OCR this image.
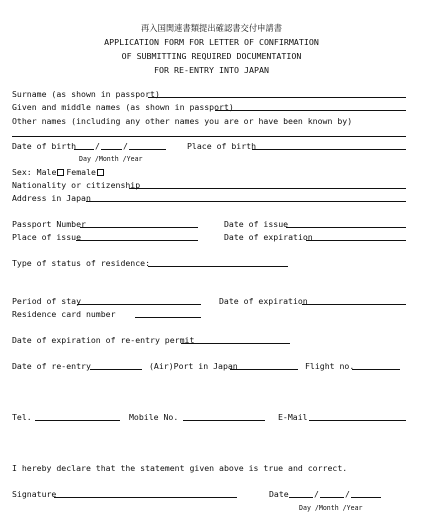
再入国関連書類提出確認書交付申請書
APPLICATION FORM FOR LETTER OF CONFIRMATION
OF SUBMITTING REQUIRED DOCUMENTATION
FOR RE-ENTRY INTO JAPAN
Surname (as shown in passport)
Given and middle names (as shown in passport)
Other names (including any other names you are or have been known by)
Date of birth /	/	Place of birth
Day /Month /Year
Sex: Male Female
Nationality or citizenship
Address in Japan
Passport Number	Date of issue
Place of issue	Date of expiration
Type of status of residence:
Period of stay	Date of expiration
Residence card number
Date of expiration of re-entry permit
Date of re-entry	(Air)Port in Japan	Flight no.
Tel.	Mobile No.	E-Mail
I hereby declare that the statement given above is true and correct.
Signature	Date	/	/
Day /Month /Year
